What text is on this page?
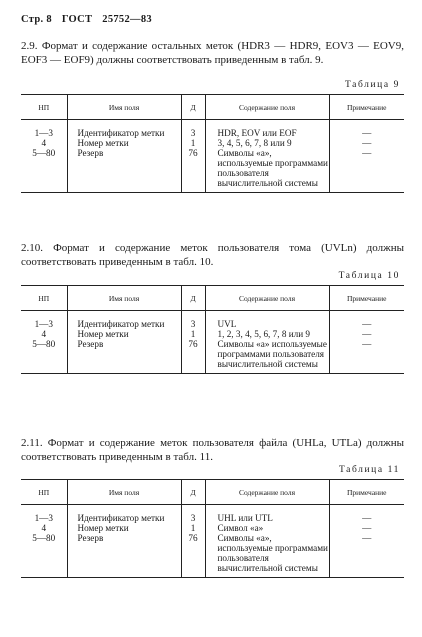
Стр. 8 ГОСТ 25752—83
2.9. Формат и содержание остальных меток (HDR3 — HDR9, EOV3 — EOV9, EOF3 — EOF9) должны соответствовать приведенным в табл. 9.
Таблица 9
НП	Имя поля	Д	Содержание поля	Примечание

1—3	Идентификатор метки	3	HDR, EOV или EOF	—
4	Номер метки	1	3, 4, 5, 6, 7, 8 или 9	—
5—80	Резерв	76	Символы «а», используемые программами пользователя вычислительной системы	—

2.10. Формат и содержание меток пользователя тома (UVLn) должны соответствовать приведенным в табл. 10.
Таблица 10
НП	Имя поля	Д	Содержание поля	Примечание

1—3	Идентификатор метки	3	UVL	—
4	Номер метки	1	1, 2, 3, 4, 5, 6, 7, 8 или 9	—
5—80	Резерв	76	Символы «а» используемые программами пользователя вычислительной системы	—

2.11. Формат и содержание меток пользователя файла (UHLa, UTLa) должны соответствовать приведенным в табл. 11.
Таблица 11
НП	Имя поля	Д	Содержание поля	Примечание

1—3	Идентификатор метки	3	UHL или UTL	—
4	Номер метки	1	Символ «а»	—
5—80	Резерв	76	Символы «а», используемые программами пользователя вычислительной системы	—
